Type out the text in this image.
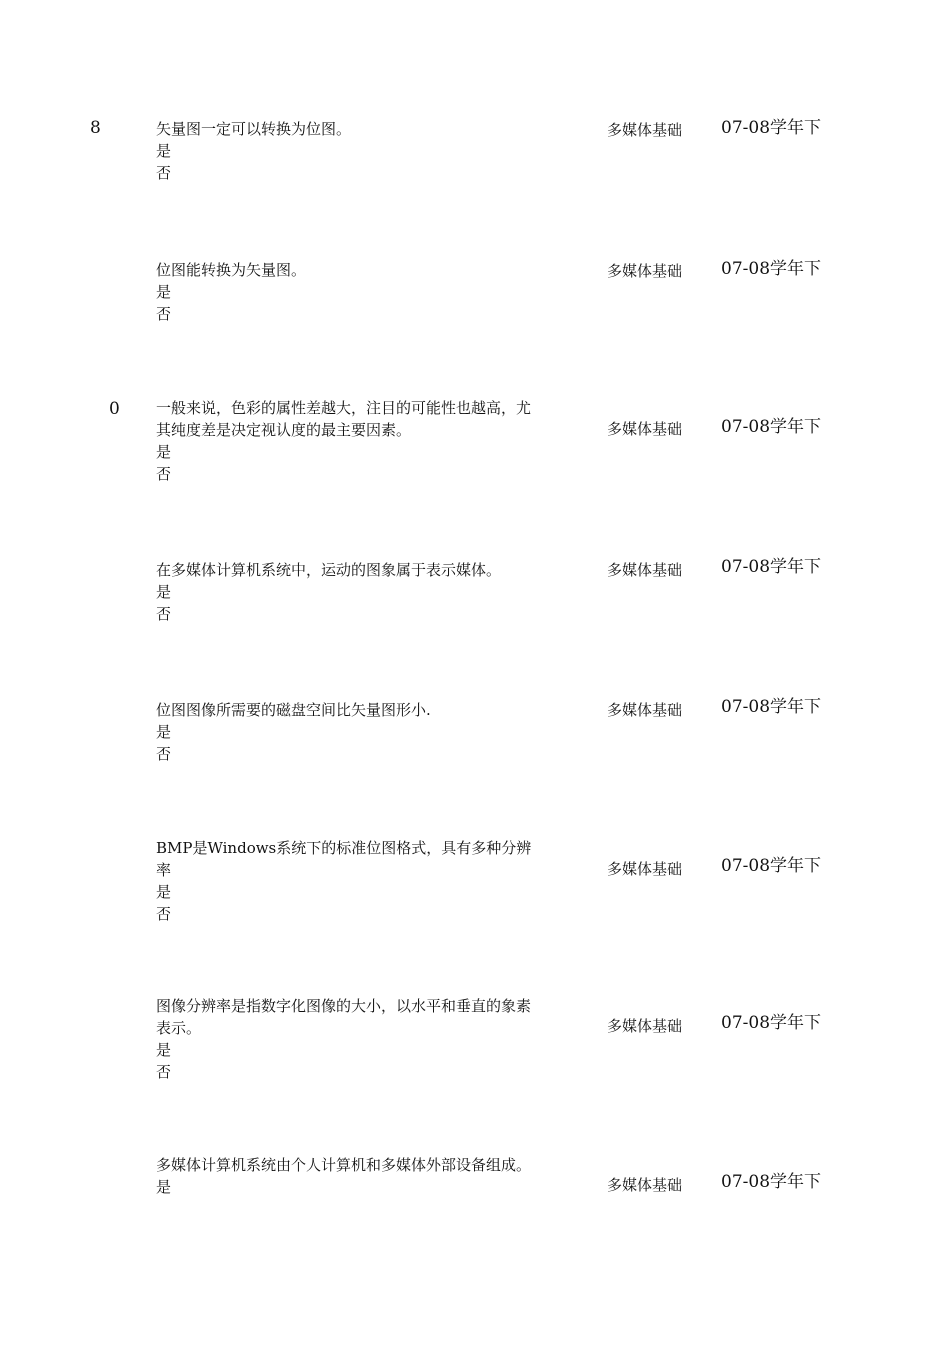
8	矢量图一定可以转换为位图。
是
否
多媒体基础 07-08学年下
位图能转换为矢量图。
是
否
多媒体基础 07-08学年下
0 一般来说，色彩的属性差越大，注目的可能性也越高，尤其纯度差是决定视认度的最主要因素。
是
否
多媒体基础 07-08学年下
在多媒体计算机系统中，运动的图象属于表示媒体。
是
否
多媒体基础 07-08学年下
位图图像所需要的磁盘空间比矢量图形小.
是
否
多媒体基础 07-08学年下
BMP是Windows系统下的标准位图格式，具有多种分辨率
是
否
多媒体基础 07-08学年下
图像分辨率是指数字化图像的大小，以水平和垂直的象素表示。
是
否
多媒体基础 07-08学年下
多媒体计算机系统由个人计算机和多媒体外部设备组成。
是	多媒体基础 07-08学年下
